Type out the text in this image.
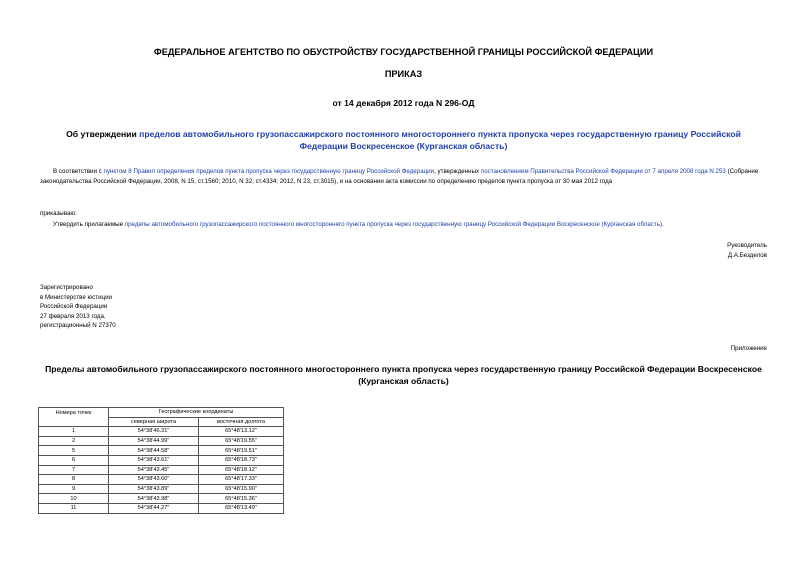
ФЕДЕРАЛЬНОЕ АГЕНТСТВО ПО ОБУСТРОЙСТВУ ГОСУДАРСТВЕННОЙ ГРАНИЦЫ РОССИЙСКОЙ ФЕДЕРАЦИИ
ПРИКАЗ
от 14 декабря 2012 года N 296-ОД
Об утверждении пределов автомобильного грузопассажирского постоянного многостороннего пункта пропуска через государственную границу Российской Федерации Воскресенское (Курганская область)
В соответствии с пунктом 8 Правил определения пределов пункта пропуска через государственную границу Российской Федерации, утвержденных постановлением Правительства Российской Федерации от 7 апреля 2008 года N 253 (Собрание законодательства Российской Федерации, 2008, N 15, ст.1560; 2010, N 32, ст.4334; 2012, N 23, ст.3015), и на основании акта комиссии по определению пределов пункта пропуска от 30 мая 2012 года
приказываю:
Утвердить прилагаемые пределы автомобильного грузопассажирского постоянного многостороннего пункта пропуска через государственную границу Российской Федерации Воскресенское (Курганская область).
Руководитель
Д.А.Безделов
Зарегистрировано
в Министерстве юстиции
Российской Федерации
27 февраля 2013 года,
регистрационный N 27370
Приложение
Пределы автомобильного грузопассажирского постоянного многостороннего пункта пропуска через государственную границу Российской Федерации Воскресенское (Курганская область)
Номера точек	Географические координаты	
	северная широта	восточная долгота
1	54°38'46.31"	65°48'13.12"
2	54°38'44.99"	65°48'19.55"
5	54°38'44.58"	65°48'19.51"
6	54°38'43.61"	65°48'18.73"
7	54°38'43.45"	65°48'18.12"
8	54°38'43.60"	65°48'17.33"
9	54°38'43.89"	65°48'15.90"
10	54°38'43.98"	65°48'15.36"
11	54°38'44.27"	65°48'13.49"
